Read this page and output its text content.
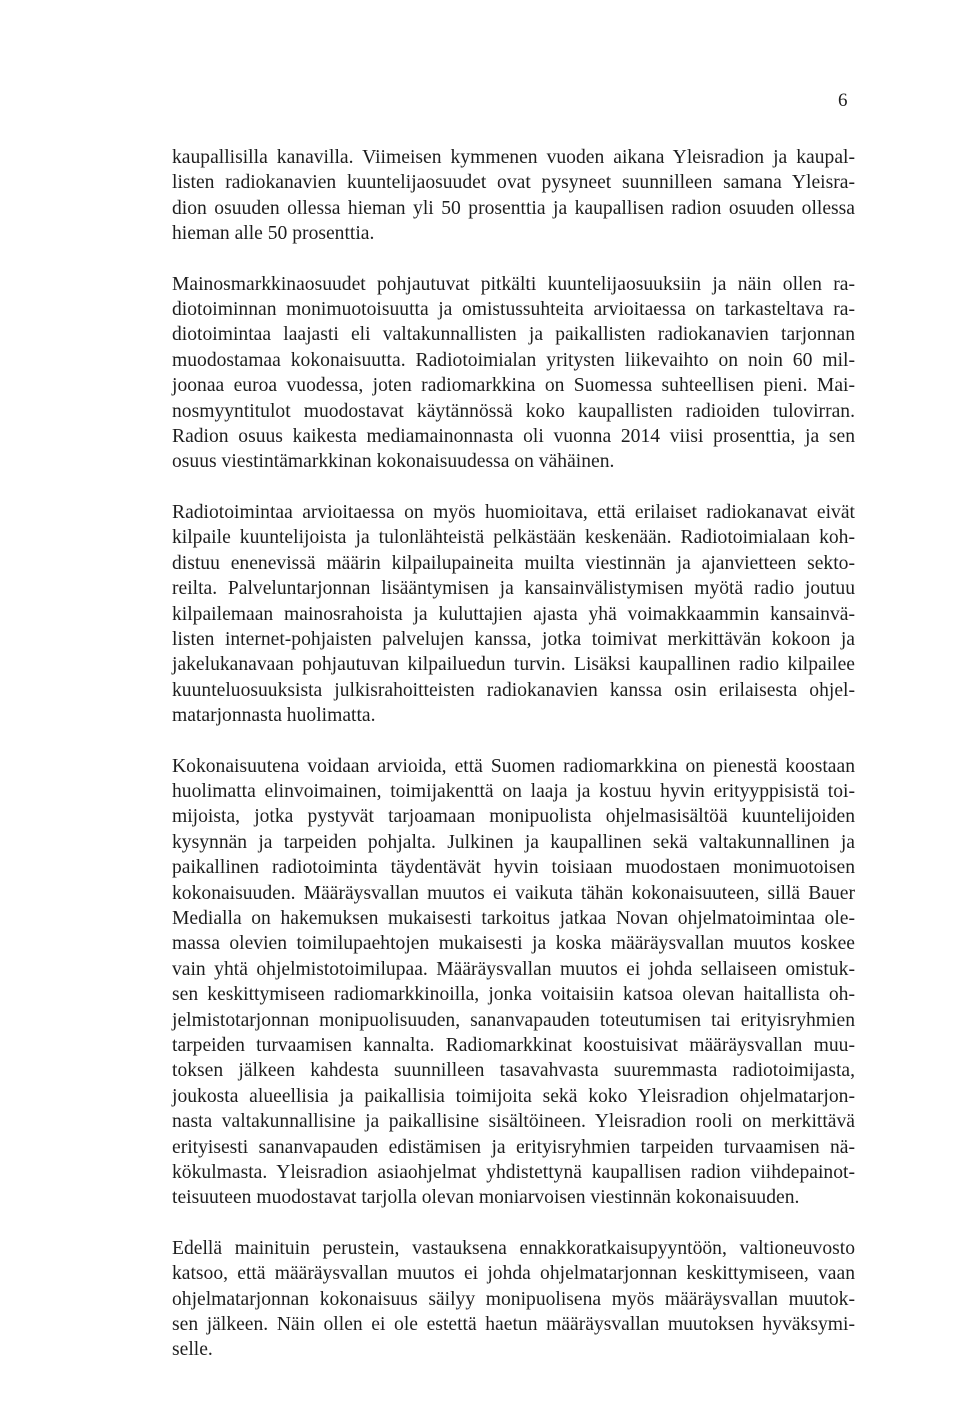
6

kaupallisilla kanavilla. Viimeisen kymmenen vuoden aikana Yleisradion ja kaupal-
listen radiokanavien kuuntelijaosuudet ovat pysyneet suunnilleen samana Yleisra-
dion osuuden ollessa hieman yli 50 prosenttia ja kaupallisen radion osuuden ollessa
hieman alle 50 prosenttia.

Mainosmarkkinaosuudet pohjautuvat pitkälti kuuntelijaosuuksiin ja näin ollen ra-
diotoiminnan monimuotoisuutta ja omistussuhteita arvioitaessa on tarkasteltava ra-
diotoimintaa laajasti eli valtakunnallisten ja paikallisten radiokanavien tarjonnan
muodostamaa kokonaisuutta. Radiotoimialan yritysten liikevaihto on noin 60 mil-
joonaa euroa vuodessa, joten radiomarkkina on Suomessa suhteellisen pieni. Mai-
nosmyyntitulot muodostavat käytännössä koko kaupallisten radioiden tulovirran.
Radion osuus kaikesta mediamainonnasta oli vuonna 2014 viisi prosenttia, ja sen
osuus viestintämarkkinan kokonaisuudessa on vähäinen.

Radiotoimintaa arvioitaessa on myös huomioitava, että erilaiset radiokanavat eivät
kilpaile kuuntelijoista ja tulonlähteistä pelkästään keskenään. Radiotoimialaan koh-
distuu enenevissä määrin kilpailupaineita muilta viestinnän ja ajanvietteen sekto-
reilta. Palveluntarjonnan lisääntymisen ja kansainvälistymisen myötä radio joutuu
kilpailemaan mainosrahoista ja kuluttajien ajasta yhä voimakkaammin kansainvä-
listen internet-pohjaisten palvelujen kanssa, jotka toimivat merkittävän kokoon ja
jakelukanavaan pohjautuvan kilpailuedun turvin. Lisäksi kaupallinen radio kilpailee
kuunteluosuuksista julkisrahoitteisten radiokanavien kanssa osin erilaisesta ohjel-
matarjonnasta huolimatta.

Kokonaisuutena voidaan arvioida, että Suomen radiomarkkina on pienestä koostaan
huolimatta elinvoimainen, toimijakenttä on laaja ja kostuu hyvin erityyppisistä toi-
mijoista, jotka pystyvät tarjoamaan monipuolista ohjelmasisältöä kuuntelijoiden
kysynnän ja tarpeiden pohjalta. Julkinen ja kaupallinen sekä valtakunnallinen ja
paikallinen radiotoiminta täydentävät hyvin toisiaan muodostaen monimuotoisen
kokonaisuuden. Määräysvallan muutos ei vaikuta tähän kokonaisuuteen, sillä Bauer
Medialla on hakemuksen mukaisesti tarkoitus jatkaa Novan ohjelmatoimintaa ole-
massa olevien toimilupaehtojen mukaisesti ja koska määräysvallan muutos koskee
vain yhtä ohjelmistotoimilupaa. Määräysvallan muutos ei johda sellaiseen omistuk-
sen keskittymiseen radiomarkkinoilla, jonka voitaisiin katsoa olevan haitallista oh-
jelmistotarjonnan monipuolisuuden, sananvapauden toteutumisen tai erityisryhmien
tarpeiden turvaamisen kannalta. Radiomarkkinat koostuisivat määräysvallan muu-
toksen jälkeen kahdesta suunnilleen tasavahvasta suuremmasta radiotoimijasta,
joukosta alueellisia ja paikallisia toimijoita sekä koko Yleisradion ohjelmatarjon-
nasta valtakunnallisine ja paikallisine sisältöineen. Yleisradion rooli on merkittävä
erityisesti sananvapauden edistämisen ja erityisryhmien tarpeiden turvaamisen nä-
kökulmasta. Yleisradion asiaohjelmat yhdistettynä kaupallisen radion viihdepainot-
teisuuteen muodostavat tarjolla olevan moniarvoisen viestinnän kokonaisuuden.

Edellä mainituin perustein, vastauksena ennakkoratkaisupyyntöön, valtioneuvosto
katsoo, että määräysvallan muutos ei johda ohjelmatarjonnan keskittymiseen, vaan
ohjelmatarjonnan kokonaisuus säilyy monipuolisena myös määräysvallan muutok-
sen jälkeen. Näin ollen ei ole estettä haetun määräysvallan muutoksen hyväksymi-
selle.
